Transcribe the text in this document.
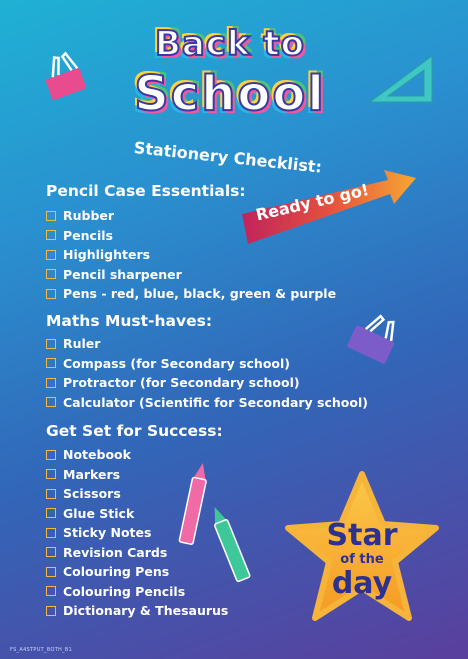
Back to
School
Stationery Checklist:
Ready to go!
Pencil Case Essentials:
Rubber
Pencils
Highlighters
Pencil sharpener
Pens - red, blue, black, green & purple
Maths Must-haves:
Ruler
Compass (for Secondary school)
Protractor (for Secondary school)
Calculator (Scientific for Secondary school)
Get Set for Success:
Notebook
Markers
Scissors
Glue Stick
Sticky Notes
Revision Cards
Colouring Pens
Colouring Pencils
Dictionary & Thesaurus
Star
of the
day
FS_A4STPUT_BOTH_B1
